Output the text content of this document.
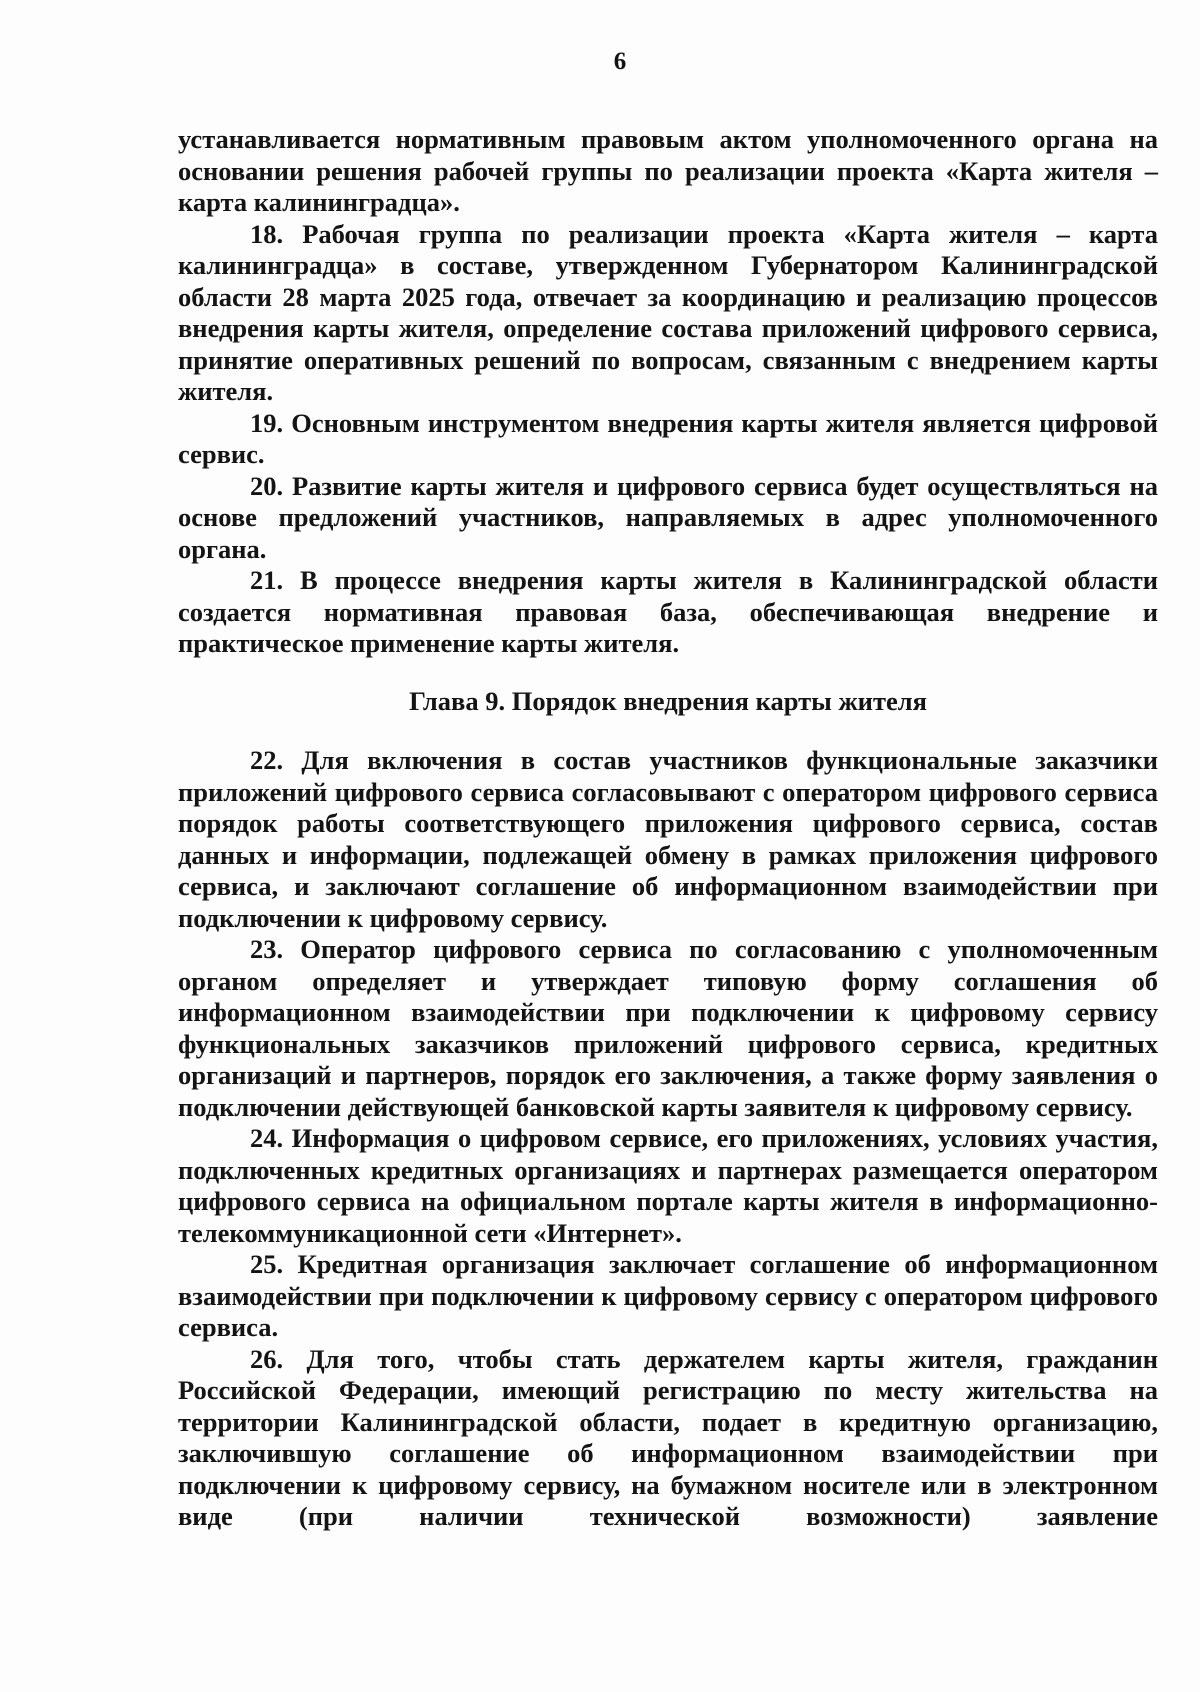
6

устанавливается нормативным правовым актом уполномоченного органа на основании решения рабочей группы по реализации проекта «Карта жителя – карта калининградца».

18. Рабочая группа по реализации проекта «Карта жителя – карта калининградца» в составе, утвержденном Губернатором Калининградской области 28 марта 2025 года, отвечает за координацию и реализацию процессов внедрения карты жителя, определение состава приложений цифрового сервиса, принятие оперативных решений по вопросам, связанным с внедрением карты жителя.

19. Основным инструментом внедрения карты жителя является цифровой сервис.

20. Развитие карты жителя и цифрового сервиса будет осуществляться на основе предложений участников, направляемых в адрес уполномоченного органа.

21. В процессе внедрения карты жителя в Калининградской области создается нормативная правовая база, обеспечивающая внедрение и практическое применение карты жителя.

Глава 9. Порядок внедрения карты жителя

22. Для включения в состав участников функциональные заказчики приложений цифрового сервиса согласовывают с оператором цифрового сервиса порядок работы соответствующего приложения цифрового сервиса, состав данных и информации, подлежащей обмену в рамках приложения цифрового сервиса, и заключают соглашение об информационном взаимодействии при подключении к цифровому сервису.

23. Оператор цифрового сервиса по согласованию с уполномоченным органом определяет и утверждает типовую форму соглашения об информационном взаимодействии при подключении к цифровому сервису функциональных заказчиков приложений цифрового сервиса, кредитных организаций и партнеров, порядок его заключения, а также форму заявления о подключении действующей банковской карты заявителя к цифровому сервису.

24. Информация о цифровом сервисе, его приложениях, условиях участия, подключенных кредитных организациях и партнерах размещается оператором цифрового сервиса на официальном портале карты жителя в информационно-телекоммуникационной сети «Интернет».

25. Кредитная организация заключает соглашение об информационном взаимодействии при подключении к цифровому сервису с оператором цифрового сервиса.

26. Для того, чтобы стать держателем карты жителя, гражданин Российской Федерации, имеющий регистрацию по месту жительства на территории Калининградской области, подает в кредитную организацию, заключившую соглашение об информационном взаимодействии при подключении к цифровому сервису, на бумажном носителе или в электронном виде (при наличии технической возможности) заявление
